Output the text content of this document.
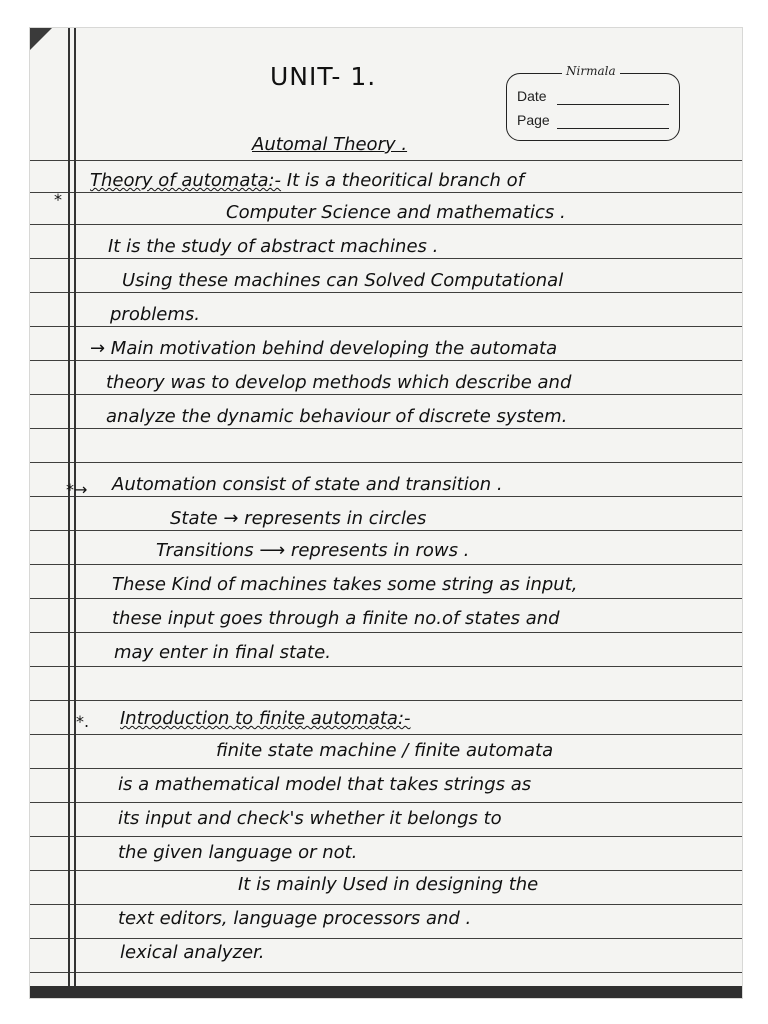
UNIT- 1.	Nirmala
Date
Page
Automal Theory .
*
Theory of automata:- It is a theoritical branch of
Computer Science and mathematics .
It is the study of abstract machines .
Using these machines can Solved Computational
problems.
→ Main motivation behind developing the automata
theory was to develop methods which describe and
analyze the dynamic behaviour of discrete system.
*→ Automation consist of state and transition .
State → represents in circles
Transitions ⟶ represents in rows .
These Kind of machines takes some string as input,
these input goes through a finite no.of states and
may enter in final state.
*. Introduction to finite automata:-
finite state machine / finite automata
is a mathematical model that takes strings as
its input and check's whether it belongs to
the given language or not.
It is mainly Used in designing the
text editors, language processors and .
lexical analyzer.
